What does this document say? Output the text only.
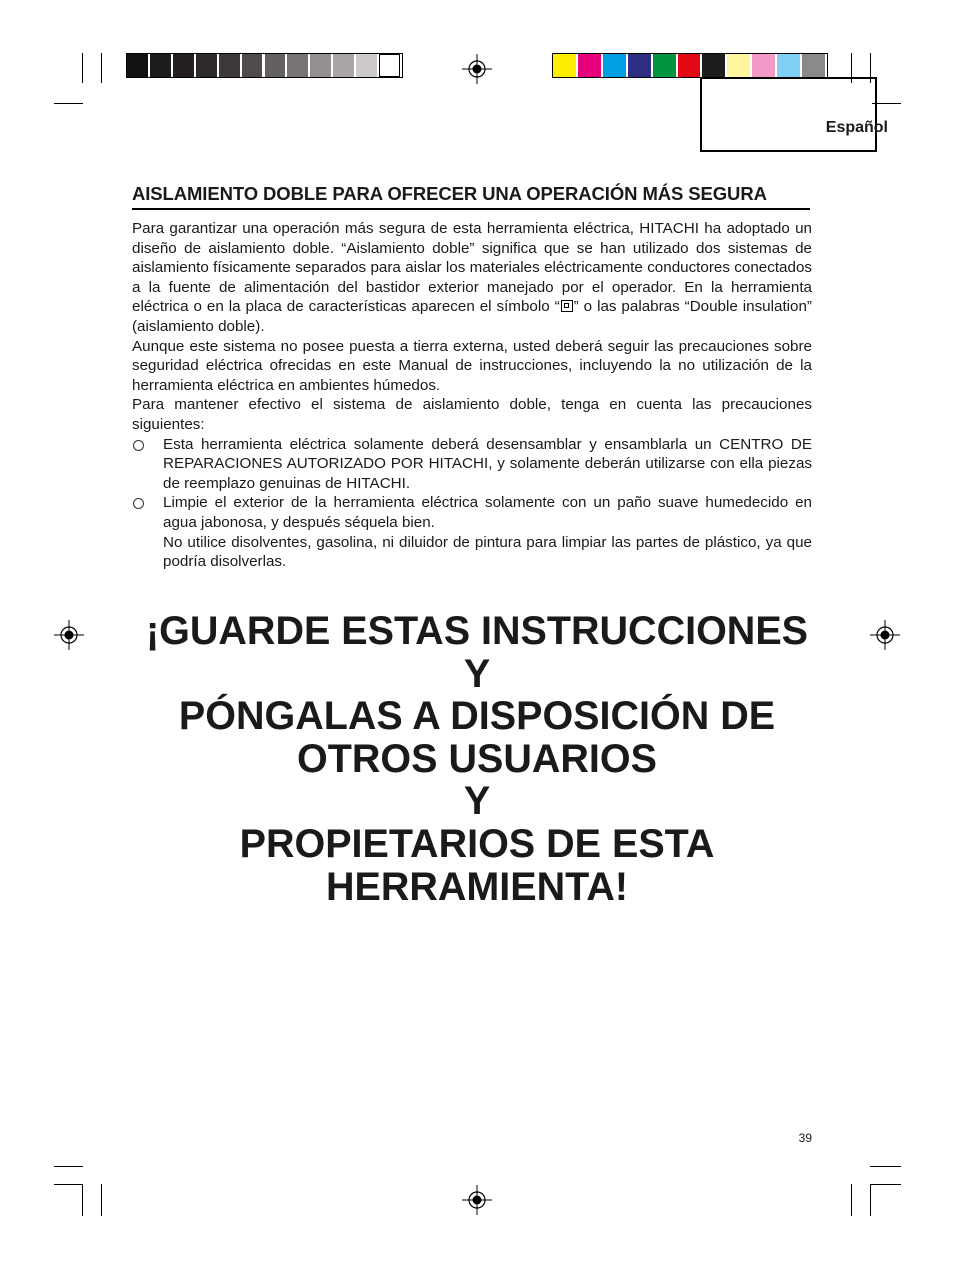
Español
AISLAMIENTO DOBLE PARA OFRECER UNA OPERACIÓN MÁS SEGURA

Para garantizar una operación más segura de esta herramienta eléctrica, HITACHI ha adoptado un diseño de aislamiento doble. “Aislamiento doble” significa que se han utilizado dos sistemas de aislamiento físicamente separados para aislar los materiales eléctricamente conductores conectados a la fuente de alimentación del bastidor exterior manejado por el operador. En la herramienta eléctrica o en la placa de características aparecen el símbolo “ ” o las palabras “Double insulation” (aislamiento doble).

Aunque este sistema no posee puesta a tierra externa, usted deberá seguir las precauciones sobre seguridad eléctrica ofrecidas en este Manual de instrucciones, incluyendo la no utilización de la herramienta eléctrica en ambientes húmedos.

Para mantener efectivo el sistema de aislamiento doble, tenga en cuenta las precauciones siguientes:

Esta herramienta eléctrica solamente deberá desensamblar y ensamblarla un CENTRO DE REPARACIONES AUTORIZADO POR HITACHI, y solamente deberán utilizarse con ella piezas de reemplazo genuinas de HITACHI.
Limpie el exterior de la herramienta eléctrica solamente con un paño suave humedecido en agua jabonosa, y después séquela bien.
No utilice disolventes, gasolina, ni diluidor de pintura para limpiar las partes de plástico, ya que podría disolverlas.
¡GUARDE ESTAS INSTRUCCIONES
Y
PÓNGALAS A DISPOSICIÓN DE
OTROS USUARIOS
Y
PROPIETARIOS DE ESTA
HERRAMIENTA!
39
